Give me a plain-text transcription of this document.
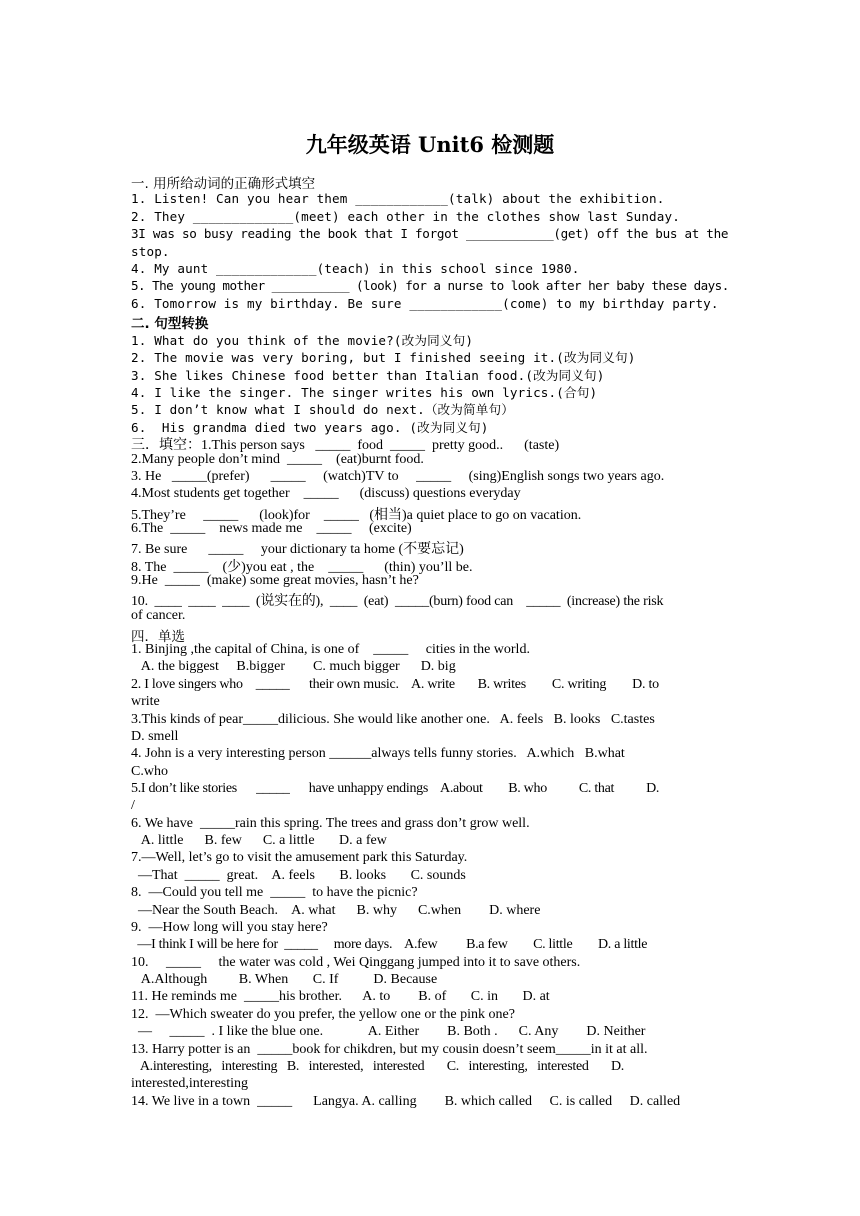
九年级英语 Unit6 检测题
一. 用所给动词的正确形式填空
1. Listen! Can you hear them ____________(talk) about the exhibition.
2. They _____________(meet) each other in the clothes show last Sunday.
3I was so busy reading the book that I forgot ____________(get) off the bus at the
stop.
4. My aunt _____________(teach) in this school since 1980.
5. The young mother ___________ (look) for a nurse to look after her baby these days.
6. Tomorrow is my birthday. Be sure ____________(come) to my birthday party.
二. 句型转换
1. What do you think of the movie?(改为同义句)
2. The movie was very boring, but I finished seeing it.(改为同义句)
3. She likes Chinese food better than Italian food.(改为同义句)
4. I like the singer. The singer writes his own lyrics.(合句)
5. I don’t know what I should do next.（改为简单句）
6.  His grandma died two years ago. (改为同义句)
三．填空：1.This person says   _____  food  _____  pretty good..      (taste)
2.Many people don’t mind  _____    (eat)burnt food.
3. He   _____(prefer)      _____     (watch)TV to     _____     (sing)English songs two years ago.
4.Most students get together    _____      (discuss) questions everyday
5.They’re     _____      (look)for    _____   (相当)a quiet place to go on vacation.
6.The  _____    news made me    _____     (excite)
7. Be sure      _____     your dictionary ta home (不要忘记)
8. The  _____    (少)you eat , the    _____      (thin) you’ll be.
9.He  _____  (make) some great movies, hasn’t he?
10.  ____  ____  ____  (说实在的),  ____  (eat)  _____(burn) food can    _____  (increase) the risk
of cancer.
四．单选
1. Binjing ,the capital of China, is one of    _____     cities in the world.
A. the biggest     B.bigger        C. much bigger      D. big
2. I love singers who    _____      their own music.    A. write       B. writes        C. writing        D. to
write
3.This kinds of pear_____dilicious. She would like another one.   A. feels   B. looks   C.tastes
D. smell
4. John is a very interesting person ______always tells funny stories.   A.which   B.what
C.who
5.I don’t like stories      _____      have unhappy endings    A.about        B. who          C. that          D.
/
6. We have  _____rain this spring. The trees and grass don’t grow well.
A. little      B. few      C. a little       D. a few
7.—Well, let’s go to visit the amusement park this Saturday.
—That  _____  great.    A. feels       B. looks       C. sounds
8.  —Could you tell me  _____  to have the picnic?
—Near the South Beach.    A. what      B. why      C.when        D. where
9.  —How long will you stay here?
—I think I will be here for  _____     more days.    A.few         B.a few        C. little        D. a little
10.     _____     the water was cold , Wei Qinggang jumped into it to save others.
A.Although         B. When       C. If          D. Because
11. He reminds me  _____his brother.      A. to        B. of       C. in       D. at
12.  —Which sweater do you prefer, the yellow one or the pink one?
—     _____  . I like the blue one.             A. Either        B. Both .      C. Any        D. Neither
13. Harry potter is an  _____book for chikdren, but my cousin doesn’t seem_____in it at all.
A.interesting,   interesting   B.   interested,   interested       C.   interesting,   interested       D.
interested,interesting
14. We live in a town  _____      Langya. A. calling        B. which called     C. is called     D. called
